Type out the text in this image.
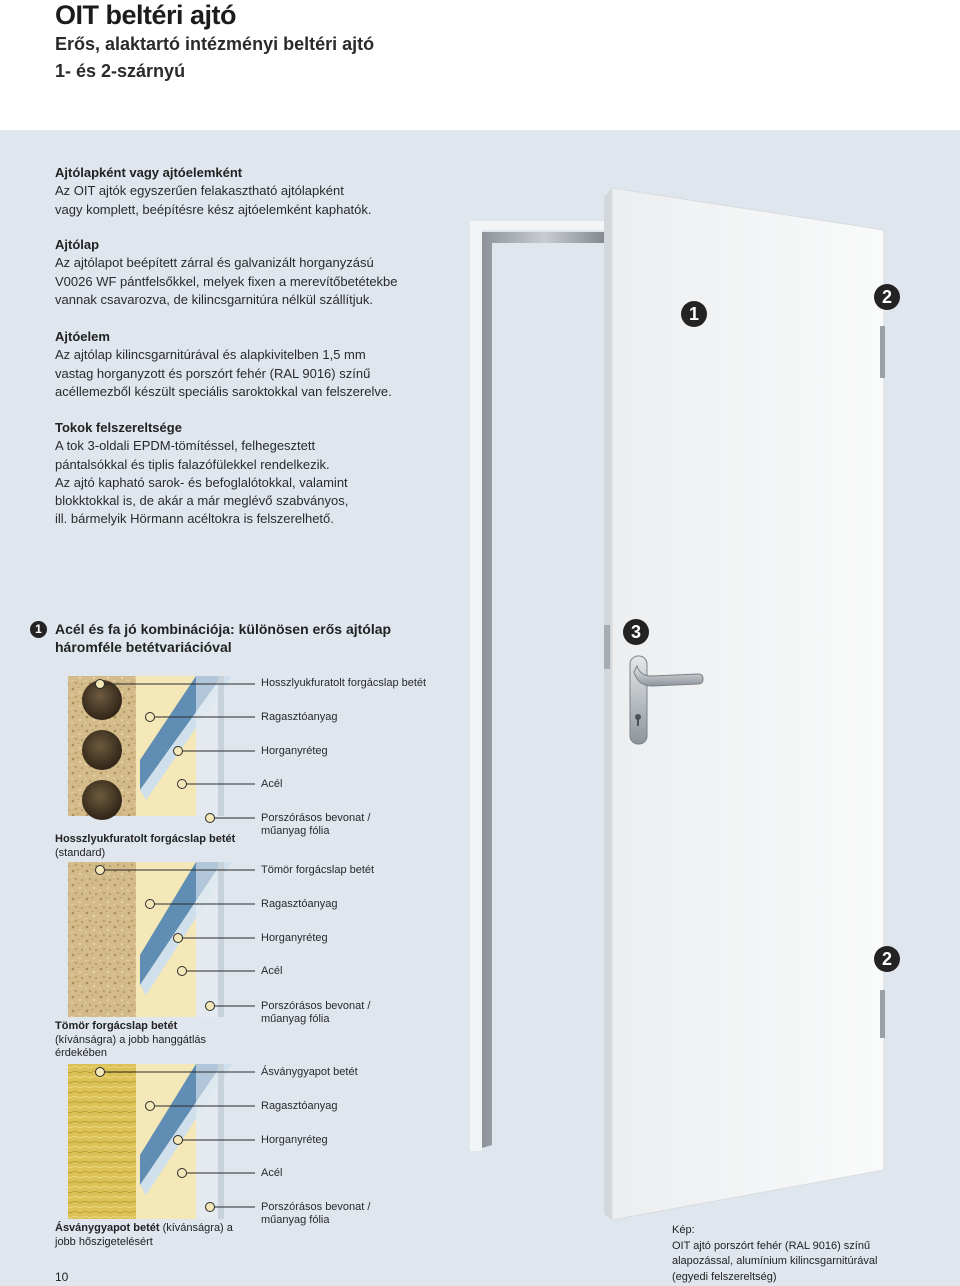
OIT beltéri ajtó
Erős, alaktartó intézményi beltéri ajtó
1- és 2-szárnyú
Ajtólapként vagy ajtóelemként
Az OIT ajtók egyszerűen felakasztható ajtólapként
vagy komplett, beépítésre kész ajtóelemként kaphatók.
Ajtólap
Az ajtólapot beépített zárral és galvanizált horganyzású
V0026 WF pántfelsőkkel, melyek fixen a merevítőbetétekbe
vannak csavarozva, de kilincsgarnitúra nélkül szállítjuk.
Ajtóelem
Az ajtólap kilincsgarnitúrával és alapkivitelben 1,5 mm
vastag horganyzott és porszórt fehér (RAL 9016) színű
acéllemezből készült speciális saroktokkal van felszerelve.
Tokok felszereltsége
A tok 3-oldali EPDM-tömítéssel, felhegesztett
pántalsókkal és tiplis falazófülekkel rendelkezik.
Az ajtó kapható sarok- és befoglalótokkal, valamint
blokktokkal is, de akár a már meglévő szabványos,
ill. bármelyik Hörmann acéltokra is felszerelhető.
1
2
3
2
1 Acél és fa jó kombinációja: különösen erős ajtólap
háromféle betétvariációval
Hosszlyukfuratolt forgácslap betét
Ragasztóanyag
Horganyréteg
Acél
Porszórásos bevonat / műanyag fólia
Hosszlyukfuratolt forgácslap betét (standard)
Tömör forgácslap betét
Ragasztóanyag
Horganyréteg
Acél
Porszórásos bevonat / műanyag fólia
Tömör forgácslap betét (kívánságra) a jobb hanggátlás érdekében
Ásványgyapot betét
Ragasztóanyag
Horganyréteg
Acél
Porszórásos bevonat / műanyag fólia
Ásványgyapot betét (kívánságra) a jobb hőszigetelésért
Kép:
OIT ajtó porszórt fehér (RAL 9016) színű
alapozással, alumínium kilincsgarnitúrával
(egyedi felszereltség)
10
